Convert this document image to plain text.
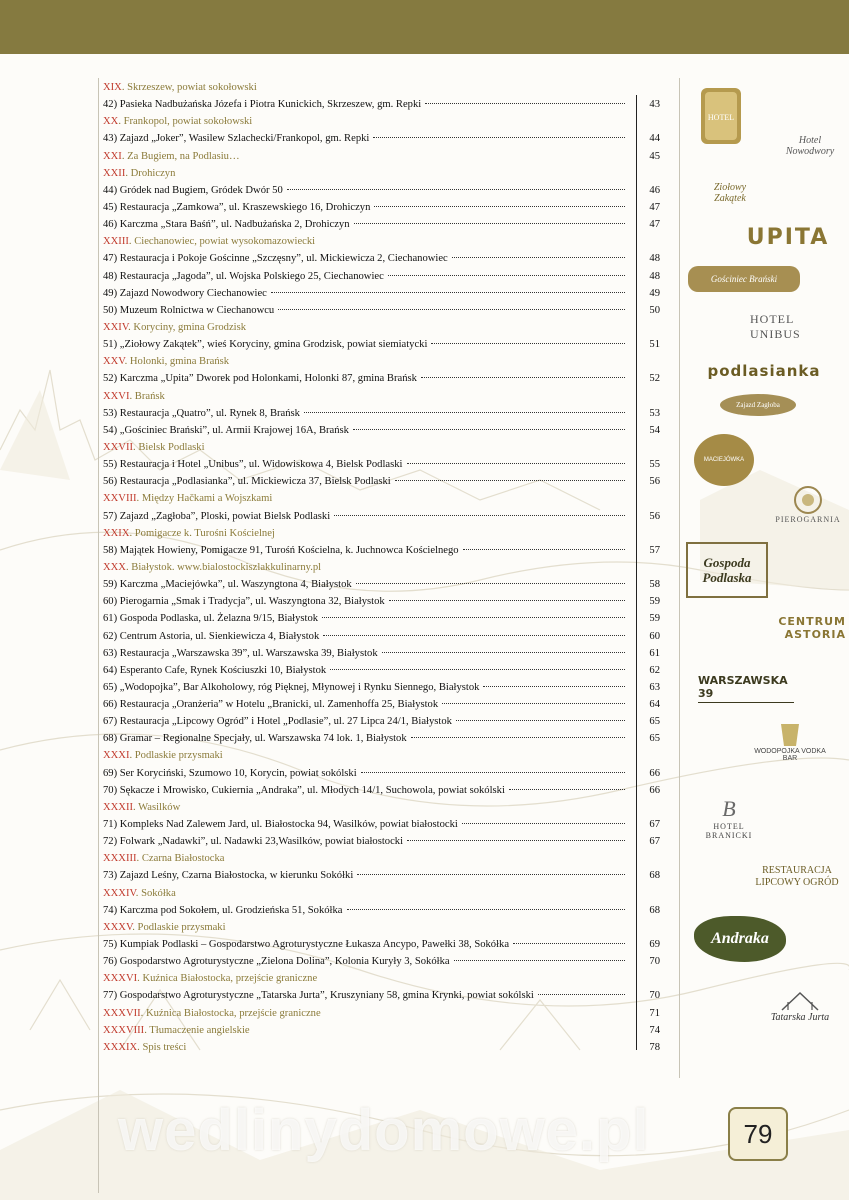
XIX. Skrzeszew, powiat sokołowski
42) Pasieka Nadbużańska Józefa i Piotra Kunickich, Skrzeszew, gm. Repki	43
XX. Frankopol, powiat sokołowski
43) Zajazd „Joker”, Wasilew Szlachecki/Frankopol, gm. Repki	44
XXI. Za Bugiem, na Podlasiu…	45
XXII. Drohiczyn
44) Gródek nad Bugiem, Gródek Dwór 50	46
45) Restauracja „Zamkowa”, ul. Kraszewskiego 16, Drohiczyn	47
46) Karczma „Stara Baśń”, ul. Nadbużańska 2, Drohiczyn	47
XXIII. Ciechanowiec, powiat wysokomazowiecki
47) Restauracja i Pokoje Gościnne „Szczęsny”, ul. Mickiewicza 2, Ciechanowiec	48
48) Restauracja „Jagoda”, ul. Wojska Polskiego 25, Ciechanowiec	48
49) Zajazd Nowodwory Ciechanowiec	49
50) Muzeum Rolnictwa w Ciechanowcu	50
XXIV. Koryciny, gmina Grodzisk
51) „Ziołowy Zakątek”, wieś Koryciny, gmina Grodzisk, powiat siemiatycki	51
XXV. Holonki, gmina Brańsk
52) Karczma „Upita” Dworek pod Holonkami, Holonki 87, gmina Brańsk	52
XXVI. Brańsk
53) Restauracja „Quatro”, ul. Rynek 8, Brańsk	53
54) „Gościniec Brański”, ul. Armii Krajowej 16A, Brańsk	54
XXVII. Bielsk Podlaski
55) Restauracja i Hotel „Unibus”, ul. Widowiskowa 4, Bielsk Podlaski	55
56) Restauracja „Podlasianka”, ul. Mickiewicza 37, Bielsk Podlaski	56
XXVIII. Między Hačkami a Wojszkami
57) Zajazd „Zagłoba”, Ploski, powiat Bielsk Podlaski	56
XXIX. Pomigacze k. Turośni Kościelnej
58) Majątek Howieny, Pomigacze 91, Turośń Kościelna, k. Juchnowca Kościelnego	57
XXX. Białystok. www.bialostockiszlakkulinarny.pl
59) Karczma „Maciejówka”, ul. Waszyngtona 4, Białystok	58
60) Pierogarnia „Smak i Tradycja”, ul. Waszyngtona 32, Białystok	59
61) Gospoda Podlaska, ul. Żelazna 9/15, Białystok	59
62) Centrum Astoria, ul. Sienkiewicza 4, Białystok	60
63) Restauracja „Warszawska 39”, ul. Warszawska 39, Białystok	61
64) Esperanto Cafe, Rynek Kościuszki 10, Białystok	62
65) „Wodopojka”, Bar Alkoholowy, róg Pięknej, Młynowej i Rynku Siennego, Białystok	63
66) Restauracja „Oranżeria” w Hotelu „Branicki, ul. Zamenhoffa 25, Białystok	64
67) Restauracja „Lipcowy Ogród” i Hotel „Podlasie”, ul. 27 Lipca 24/1, Białystok	65
68) Gramar – Regionalne Specjały, ul. Warszawska 74 lok. 1, Białystok	65
XXXI. Podlaskie przysmaki
69) Ser Koryciński, Szumowo 10, Korycin, powiat sokólski	66
70) Sękacze i Mrowisko, Cukiernia „Andraka”, ul. Młodych 14/1, Suchowola, powiat sokólski	66
XXXII. Wasilków
71) Kompleks Nad Zalewem Jard, ul. Białostocka 94, Wasilków, powiat białostocki	67
72) Folwark „Nadawki”, ul. Nadawki 23,Wasilków, powiat białostocki	67
XXXIII. Czarna Białostocka
73) Zajazd Leśny, Czarna Białostocka, w kierunku Sokółki	68
XXXIV. Sokółka
74) Karczma pod Sokołem, ul. Grodzieńska 51, Sokółka	68
XXXV. Podlaskie przysmaki
75) Kumpiak Podlaski – Gospodarstwo Agroturystyczne Łukasza Ancypo, Pawełki 38, Sokółka	69
76) Gospodarstwo Agroturystyczne „Zielona Dolina”, Kolonia Kuryły 3, Sokółka	70
XXXVI. Kuźnica Białostocka, przejście graniczne
77) Gospodarstwo Agroturystyczne „Tatarska Jurta”, Kruszyniany 58, gmina Krynki, powiat sokólski	70
XXXVII. Kuźnica Białostocka, przejście graniczne	71
XXXVIII. Tłumaczenie angielskie	74
XXXIX. Spis treści	78
HOTEL
Hotel Nowodwory
Ziołowy Zakątek
UPITA
Gościniec Brański
HOTEL UNIBUS
podlasianka
Zajazd Zagłoba
MACIEJÓWKA
PIEROGARNIA
Gospoda Podlaska
CENTRUM ASTORIA
WARSZAWSKA 39
WODOPOJKA VODKA BAR
B
HOTEL BRANICKI
RESTAURACJA LIPCOWY OGRÓD
Andraka
Tatarska Jurta
wedlinydomowe.pl	79
